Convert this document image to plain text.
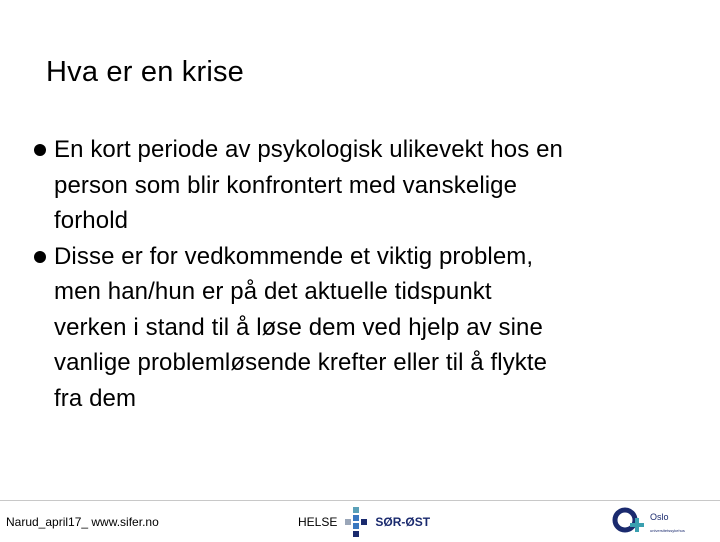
Hva er en krise
En kort periode av psykologisk ulikevekt hos en
person som blir konfrontert med vanskelige
forhold
Disse er for vedkommende et viktig problem,
men han/hun er på det aktuelle tidspunkt
verken i stand til å løse dem ved hjelp av sine
vanlige problemløsende krefter eller til å flykte
fra dem
Narud_april17_ www.sifer.no	HELSE	SØR-ØST	Oslo
universitetssykehus
